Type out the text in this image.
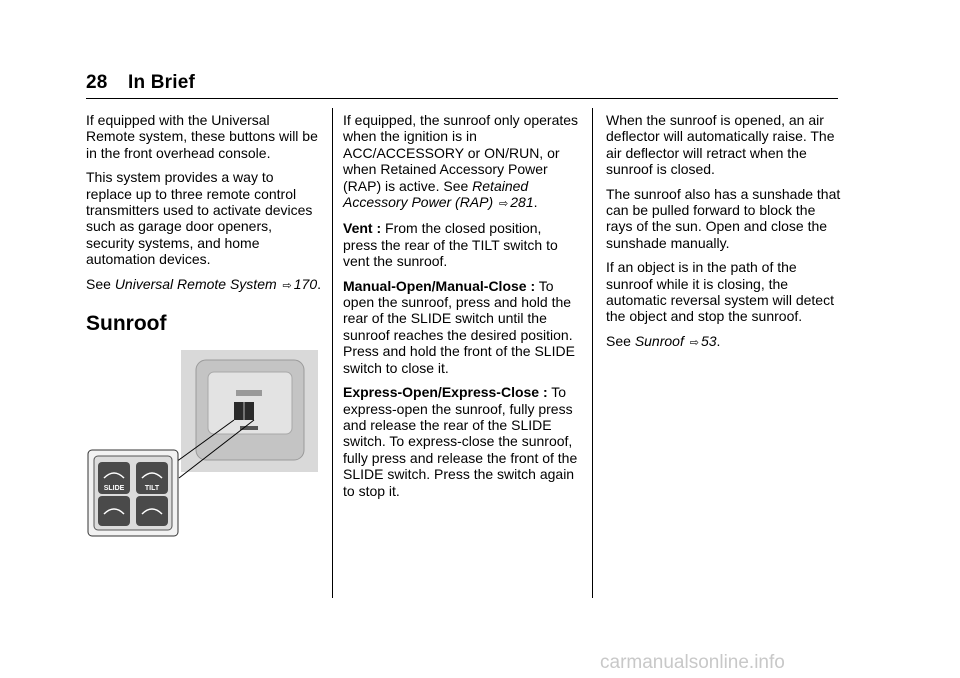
28 In Brief

If equipped with the Universal Remote system, these buttons will be in the front overhead console.

This system provides a way to replace up to three remote control transmitters used to activate devices such as garage door openers, security systems, and home automation devices.

See Universal Remote System ⇨ 170.

Sunroof
SLIDE	TILT

If equipped, the sunroof only operates when the ignition is in ACC/ACCESSORY or ON/RUN, or when Retained Accessory Power (RAP) is active. See Retained Accessory Power (RAP) ⇨ 281.

Vent : From the closed position, press the rear of the TILT switch to vent the sunroof.

Manual-Open/Manual-Close : To open the sunroof, press and hold the rear of the SLIDE switch until the sunroof reaches the desired position. Press and hold the front of the SLIDE switch to close it.

Express-Open/Express-Close : To express-open the sunroof, fully press and release the rear of the SLIDE switch. To express-close the sunroof, fully press and release the front of the SLIDE switch. Press the switch again to stop it.

When the sunroof is opened, an air deflector will automatically raise. The air deflector will retract when the sunroof is closed.

The sunroof also has a sunshade that can be pulled forward to block the rays of the sun. Open and close the sunshade manually.

If an object is in the path of the sunroof while it is closing, the automatic reversal system will detect the object and stop the sunroof.

See Sunroof ⇨ 53.

carmanualsonline.info
